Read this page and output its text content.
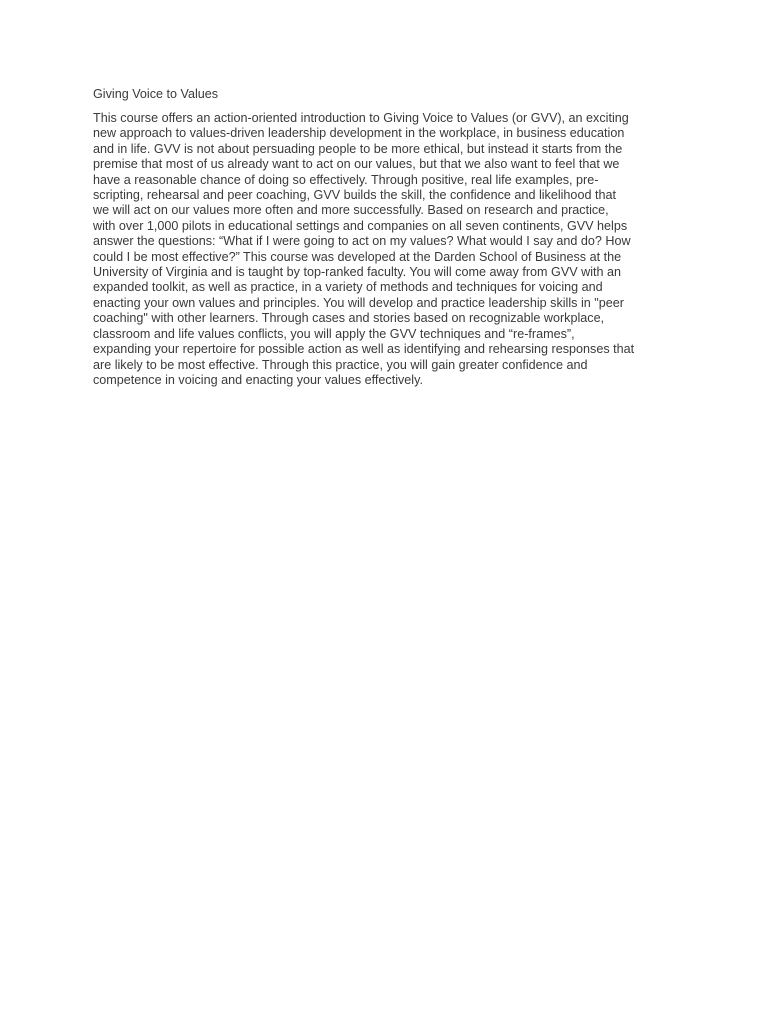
Giving Voice to Values
This course offers an action-oriented introduction to Giving Voice to Values (or GVV), an exciting
new approach to values-driven leadership development in the workplace, in business education
and in life. GVV is not about persuading people to be more ethical, but instead it starts from the
premise that most of us already want to act on our values, but that we also want to feel that we
have a reasonable chance of doing so effectively. Through positive, real life examples, pre-
scripting, rehearsal and peer coaching, GVV builds the skill, the confidence and likelihood that
we will act on our values more often and more successfully. Based on research and practice,
with over 1,000 pilots in educational settings and companies on all seven continents, GVV helps
answer the questions: “What if I were going to act on my values? What would I say and do? How
could I be most effective?” This course was developed at the Darden School of Business at the
University of Virginia and is taught by top-ranked faculty. You will come away from GVV with an
expanded toolkit, as well as practice, in a variety of methods and techniques for voicing and
enacting your own values and principles. You will develop and practice leadership skills in "peer
coaching" with other learners. Through cases and stories based on recognizable workplace,
classroom and life values conflicts, you will apply the GVV techniques and “re-frames”,
expanding your repertoire for possible action as well as identifying and rehearsing responses that
are likely to be most effective. Through this practice, you will gain greater confidence and
competence in voicing and enacting your values effectively.
